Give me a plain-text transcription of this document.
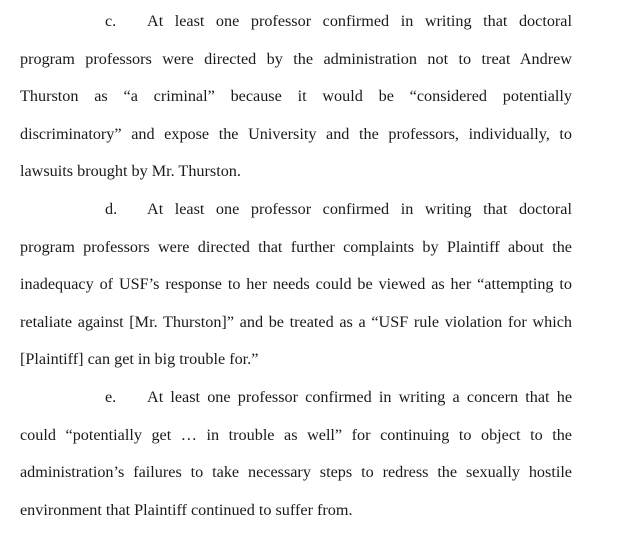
c. At least one professor confirmed in writing that doctoral
program professors were directed by the administration not to treat Andrew
Thurston as “a criminal” because it would be “considered potentially
discriminatory” and expose the University and the professors, individually, to
lawsuits brought by Mr. Thurston.
d. At least one professor confirmed in writing that doctoral
program professors were directed that further complaints by Plaintiff about the
inadequacy of USF’s response to her needs could be viewed as her “attempting to
retaliate against [Mr. Thurston]” and be treated as a “USF rule violation for which
[Plaintiff] can get in big trouble for.”
e. At least one professor confirmed in writing a concern that he
could “potentially get … in trouble as well” for continuing to object to the
administration’s failures to take necessary steps to redress the sexually hostile
environment that Plaintiff continued to suffer from.
